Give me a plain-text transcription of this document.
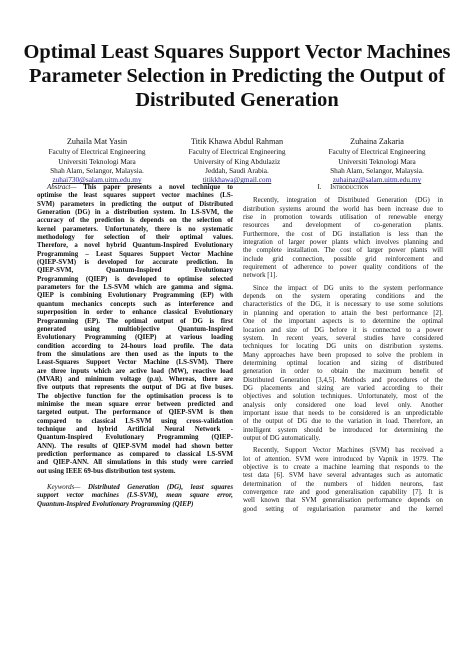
Optimal Least Squares Support Vector Machines
Parameter Selection in Predicting the Output of
Distributed Generation
Zuhaila Mat Yasin
Faculty of Electrical Engineering
Universiti Teknologi Mara
Shah Alam, Selangor, Malaysia.
zuhai730@salam.uitm.edu.my
Titik Khawa Abdul Rahman
Faculty of Electrical Engineering
University of King Abdulaziz
Jeddah, Saudi Arabia.
titikkhawa@gmail.com
Zuhaina Zakaria
Faculty of Electrical Engineering
Universiti Teknologi Mara
Shah Alam, Selangor, Malaysia.
zuhainaz@salam.uitm.edu.my
Abstract— This paper presents a novel technique to
optimise the least squares support vector machines (LS-
SVM) parameters in predicting the output of Distributed
Generation (DG) in a distribution system. In LS-SVM, the
accuracy of the prediction is depends on the selection of
kernel parameters. Unfortunately, there is no systematic
methodology for selection of their optimal values.
Therefore, a novel hybrid Quantum-Inspired Evolutionary
Programming – Least Squares Support Vector Machine
(QIEP-SVM) is developed for accurate prediction. In
QIEP-SVM, Quantum-Inspired Evolutionary
Programming (QIEP) is developed to optimise selected
parameters for the LS-SVM which are gamma and sigma.
QIEP is combining Evolutionary Programming (EP) with
quantum mechanics concepts such as interference and
superposition in order to enhance classical Evolutionary
Programming (EP). The optimal output of DG is first
generated using multiobjective Quantum-Inspired
Evolutionary Programming (QIEP) at various loading
condition according to 24-hours load profile. The data
from the simulations are then used as the inputs to the
Least-Squares Support Vector Machine (LS-SVM). There
are three inputs which are active load (MW), reactive load
(MVAR) and minimum voltage (p.u). Whereas, there are
five outputs that represents the output of DG at five buses.
The objective function for the optimisation process is to
minimise the mean square error between predicted and
targeted output. The performance of QIEP-SVM is then
compared to classical LS-SVM using cross-validation
technique and hybrid Artificial Neural Network -
Quantum-Inspired Evolutionary Programming (QIEP-
ANN). The results of QIEP-SVM model had shown better
prediction performance as compared to classical LS-SVM
and QIEP-ANN. All simulations in this study were carried
out using IEEE 69-bus distribution test system.
Keywords— Distributed Generation (DG), least squares
support vector machines (LS-SVM), mean square error,
Quantum-Inspired Evolutionary Programming (QIEP)
I. Introduction
Recently, integration of Distributed Generation (DG) in
distribution systems around the world has been increase due to
rise in promotion towards utilisation of renewable energy
resources and development of co-generation plants.
Furthermore, the cost of DG installation is less than the
integration of larger power plants which involves planning and
the complete installation. The cost of larger power plants will
include grid connection, possible grid reinforcement and
requirement of adherence to power quality conditions of the
network [1].
Since the impact of DG units to the system performance
depends on the system operating conditions and the
characteristics of the DG, it is necessary to use some solutions
in planning and operation to attain the best performance [2].
One of the important aspects is to determine the optimal
location and size of DG before it is connected to a power
system. In recent years, several studies have considered
techniques for locating DG units on distribution systems.
Many approaches have been proposed to solve the problem in
determining optimal location and sizing of distributed
generation in order to obtain the maximum benefit of
Distributed Generation [3,4,5]. Methods and procedures of the
DG placements and sizing are varied according to their
objectives and solution techniques. Unfortunately, most of the
analysis only considered one load level only. Another
important issue that needs to be considered is an unpredictable
of the output of DG due to the variation in load. Therefore, an
intelligent system should be introduced for determining the
output of DG automatically.
Recently, Support Vector Machines (SVM) has received a
lot of attention. SVM were introduced by Vapnik in 1979. The
objective is to create a machine learning that responds to the
test data [6]. SVM have several advantages such as automatic
determination of the numbers of hidden neurons, fast
convergence rate and good generalisation capability [7]. It is
well known that SVM generalisation performance depends on
good setting of regularisation parameter and the kernel
